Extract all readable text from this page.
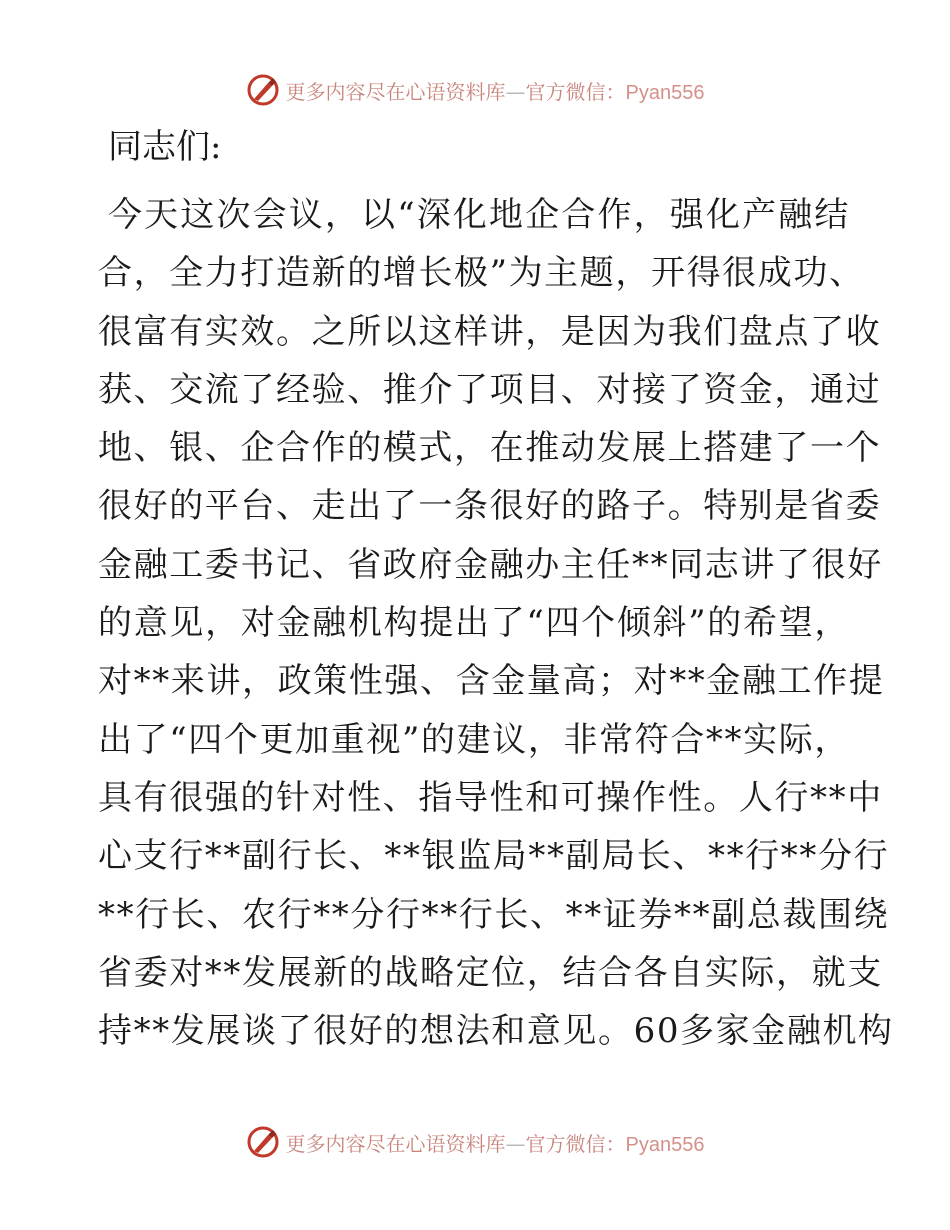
更多内容尽在心语资料库—官方微信：Pyan556
同志们:
今天这次会议，以“深化地企合作，强化产融结
合，全力打造新的增长极”为主题，开得很成功、
很富有实效。之所以这样讲，是因为我们盘点了收
获、交流了经验、推介了项目、对接了资金，通过
地、银、企合作的模式，在推动发展上搭建了一个
很好的平台、走出了一条很好的路子。特别是省委
金融工委书记、省政府金融办主任**同志讲了很好
的意见，对金融机构提出了“四个倾斜”的希望，
对**来讲，政策性强、含金量高；对**金融工作提
出了“四个更加重视”的建议，非常符合**实际，
具有很强的针对性、指导性和可操作性。人行**中
心支行**副行长、**银监局**副局长、**行**分行
**行长、农行**分行**行长、**证券**副总裁围绕
省委对**发展新的战略定位，结合各自实际，就支
持**发展谈了很好的想法和意见。60多家金融机构
更多内容尽在心语资料库—官方微信：Pyan556
